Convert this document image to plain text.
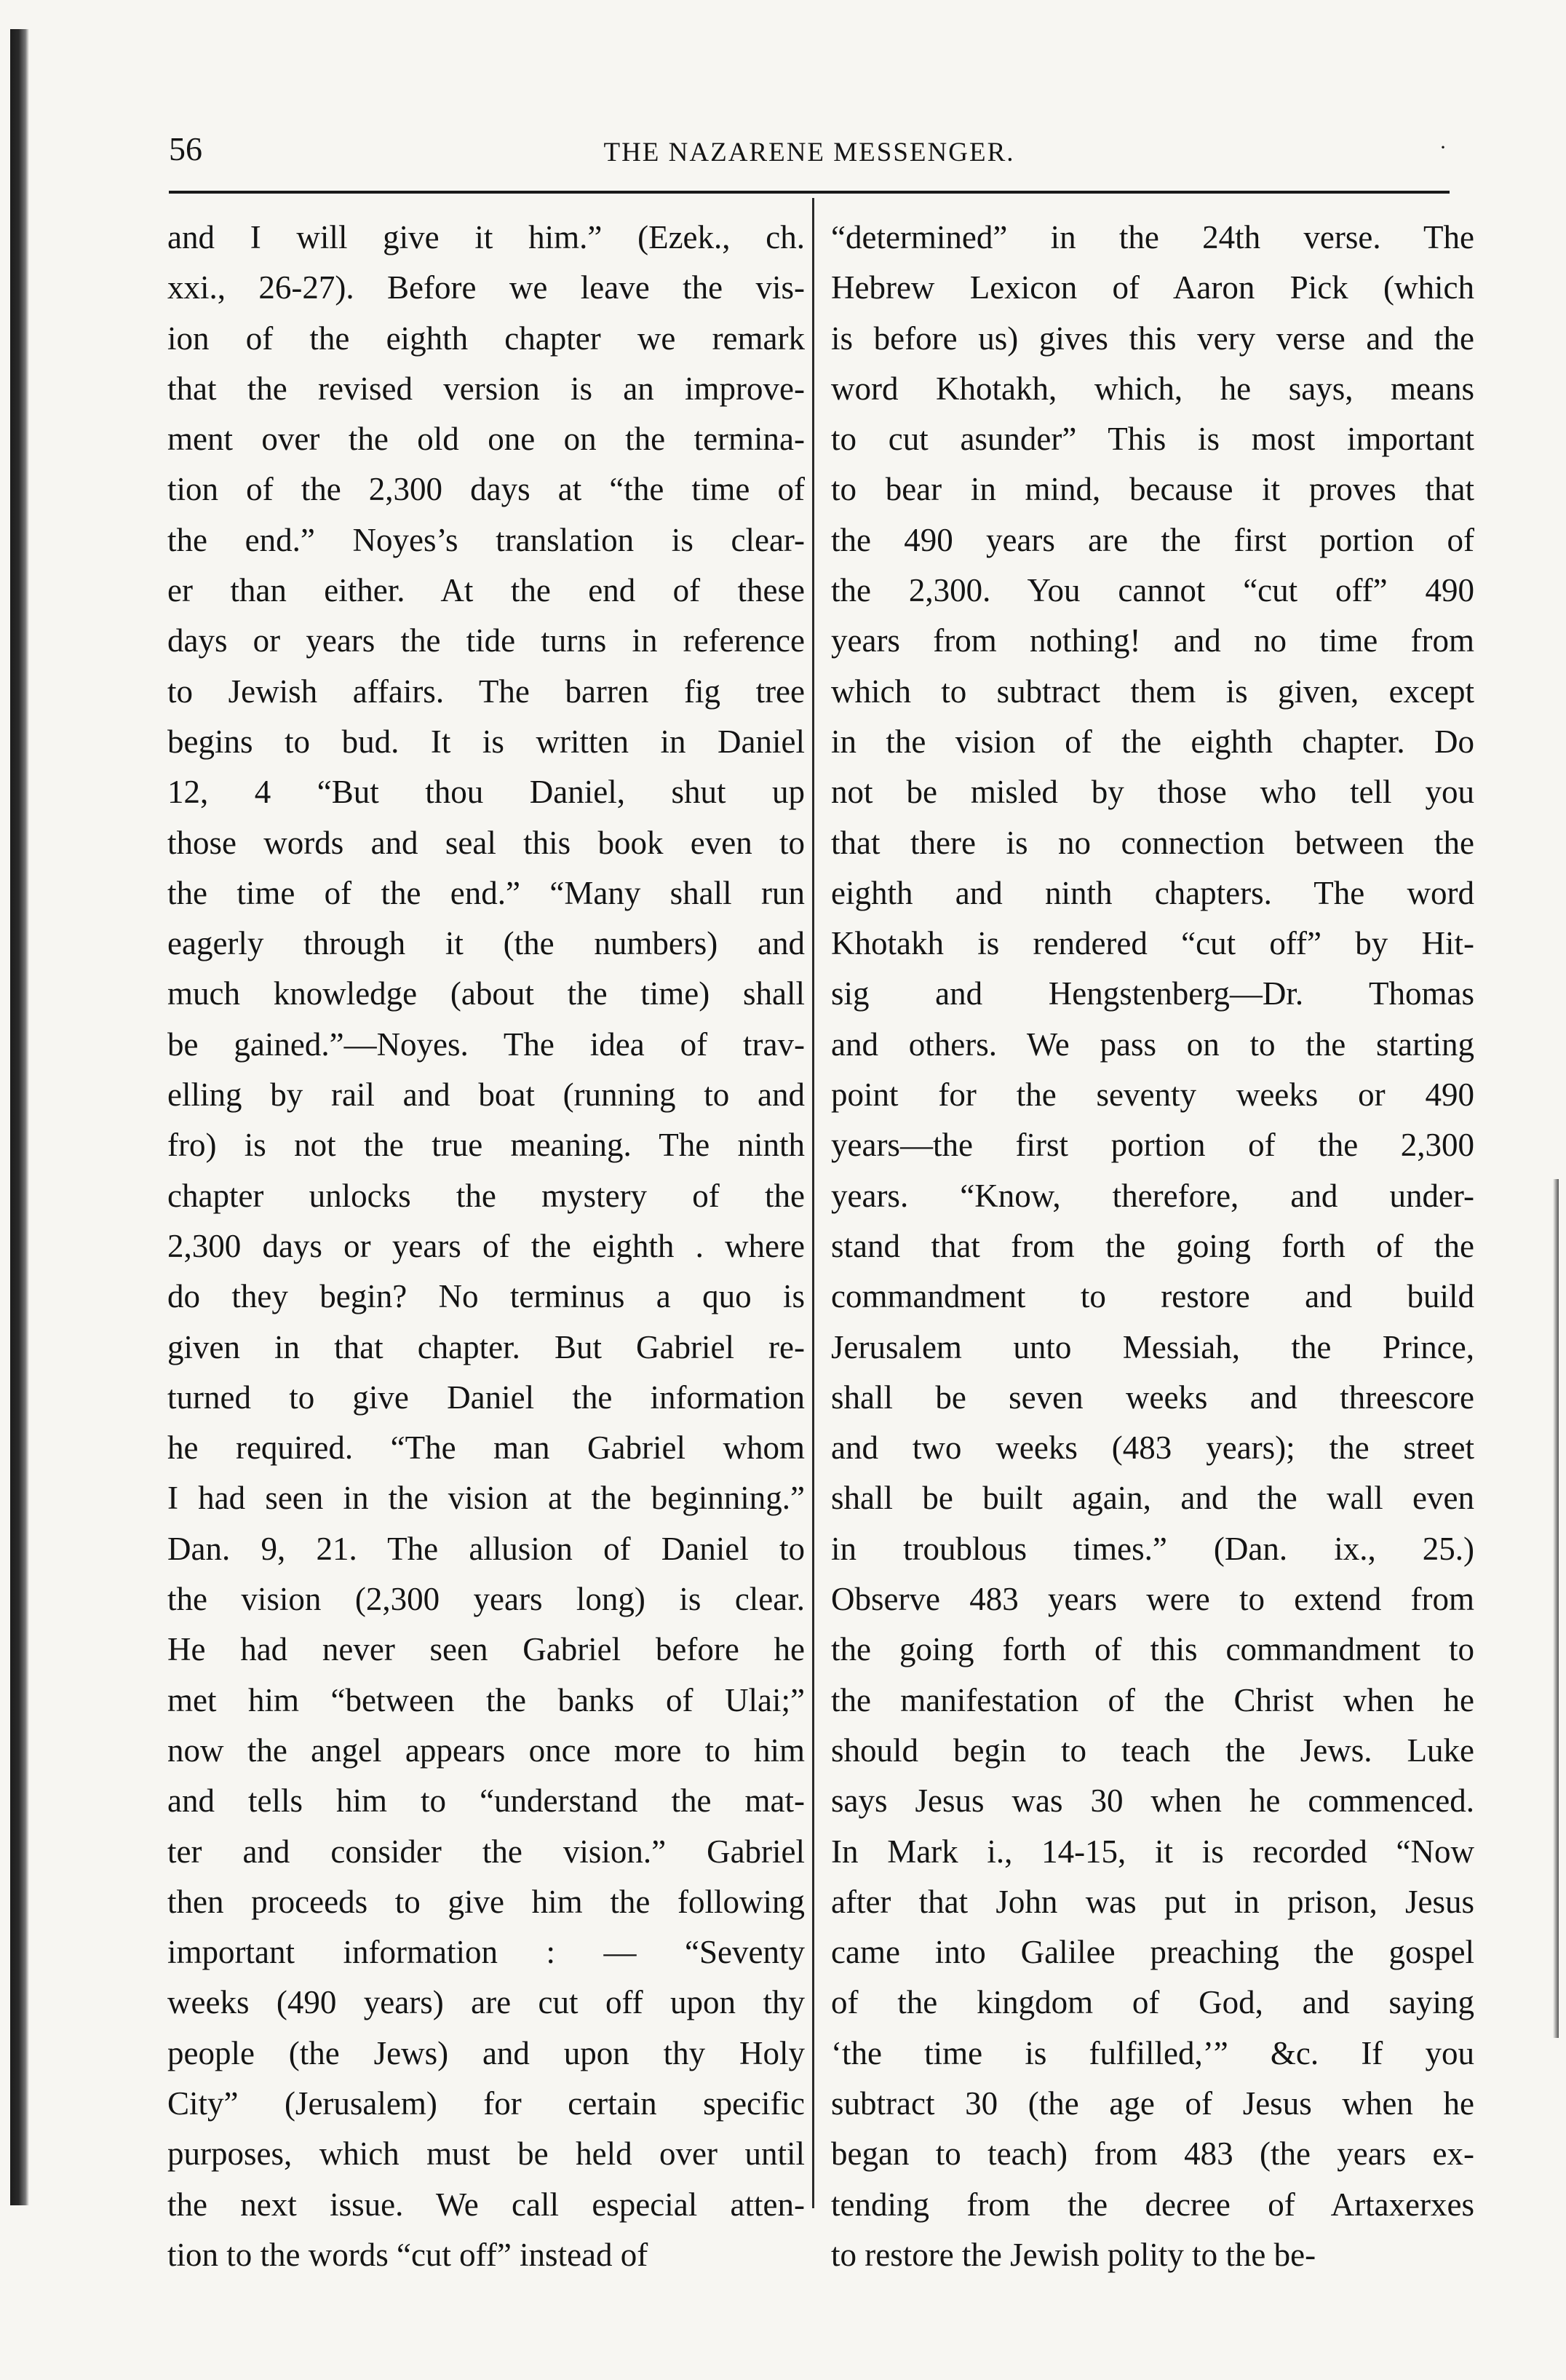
56	THE NAZARENE MESSENGER.	·
and I will give it him.” (Ezek., ch.
xxi., 26-27). Before we leave the vis-
ion of the eighth chapter we remark
that the revised version is an improve-
ment over the old one on the termina-
tion of the 2,300 days at “the time of
the end.” Noyes’s translation is clear-
er than either. At the end of these
days or years the tide turns in reference
to Jewish affairs. The barren fig tree
begins to bud. It is written in Daniel
12, 4 “But thou Daniel, shut up
those words and seal this book even to
the time of the end.” “Many shall run
eagerly through it (the numbers) and
much knowledge (about the time) shall
be gained.”—Noyes. The idea of trav-
elling by rail and boat (running to and
fro) is not the true meaning. The ninth
chapter unlocks the mystery of the
2,300 days or years of the eighth . where
do they begin? No terminus a quo is
given in that chapter. But Gabriel re-
turned to give Daniel the information
he required. “The man Gabriel whom
I had seen in the vision at the beginning.”
Dan. 9, 21. The allusion of Daniel to
the vision (2,300 years long) is clear.
He had never seen Gabriel before he
met him “between the banks of Ulai;”
now the angel appears once more to him
and tells him to “understand the mat-
ter and consider the vision.” Gabriel
then proceeds to give him the following
important information : — “Seventy
weeks (490 years) are cut off upon thy
people (the Jews) and upon thy Holy
City” (Jerusalem) for certain specific
purposes, which must be held over until
the next issue. We call especial atten-
tion to the words “cut off” instead of
“determined” in the 24th verse. The
Hebrew Lexicon of Aaron Pick (which
is before us) gives this very verse and the
word Khotakh, which, he says, means
to cut asunder” This is most important
to bear in mind, because it proves that
the 490 years are the first portion of
the 2,300. You cannot “cut off” 490
years from nothing! and no time from
which to subtract them is given, except
in the vision of the eighth chapter. Do
not be misled by those who tell you
that there is no connection between the
eighth and ninth chapters. The word
Khotakh is rendered “cut off” by Hit-
sig and Hengstenberg—Dr. Thomas
and others. We pass on to the starting
point for the seventy weeks or 490
years—the first portion of the 2,300
years. “Know, therefore, and under-
stand that from the going forth of the
commandment to restore and build
Jerusalem unto Messiah, the Prince,
shall be seven weeks and threescore
and two weeks (483 years); the street
shall be built again, and the wall even
in troublous times.” (Dan. ix., 25.)
Observe 483 years were to extend from
the going forth of this commandment to
the manifestation of the Christ when he
should begin to teach the Jews. Luke
says Jesus was 30 when he commenced.
In Mark i., 14-15, it is recorded “Now
after that John was put in prison, Jesus
came into Galilee preaching the gospel
of the kingdom of God, and saying
‘the time is fulfilled,’” &c. If you
subtract 30 (the age of Jesus when he
began to teach) from 483 (the years ex-
tending from the decree of Artaxerxes
to restore the Jewish polity to the be-
